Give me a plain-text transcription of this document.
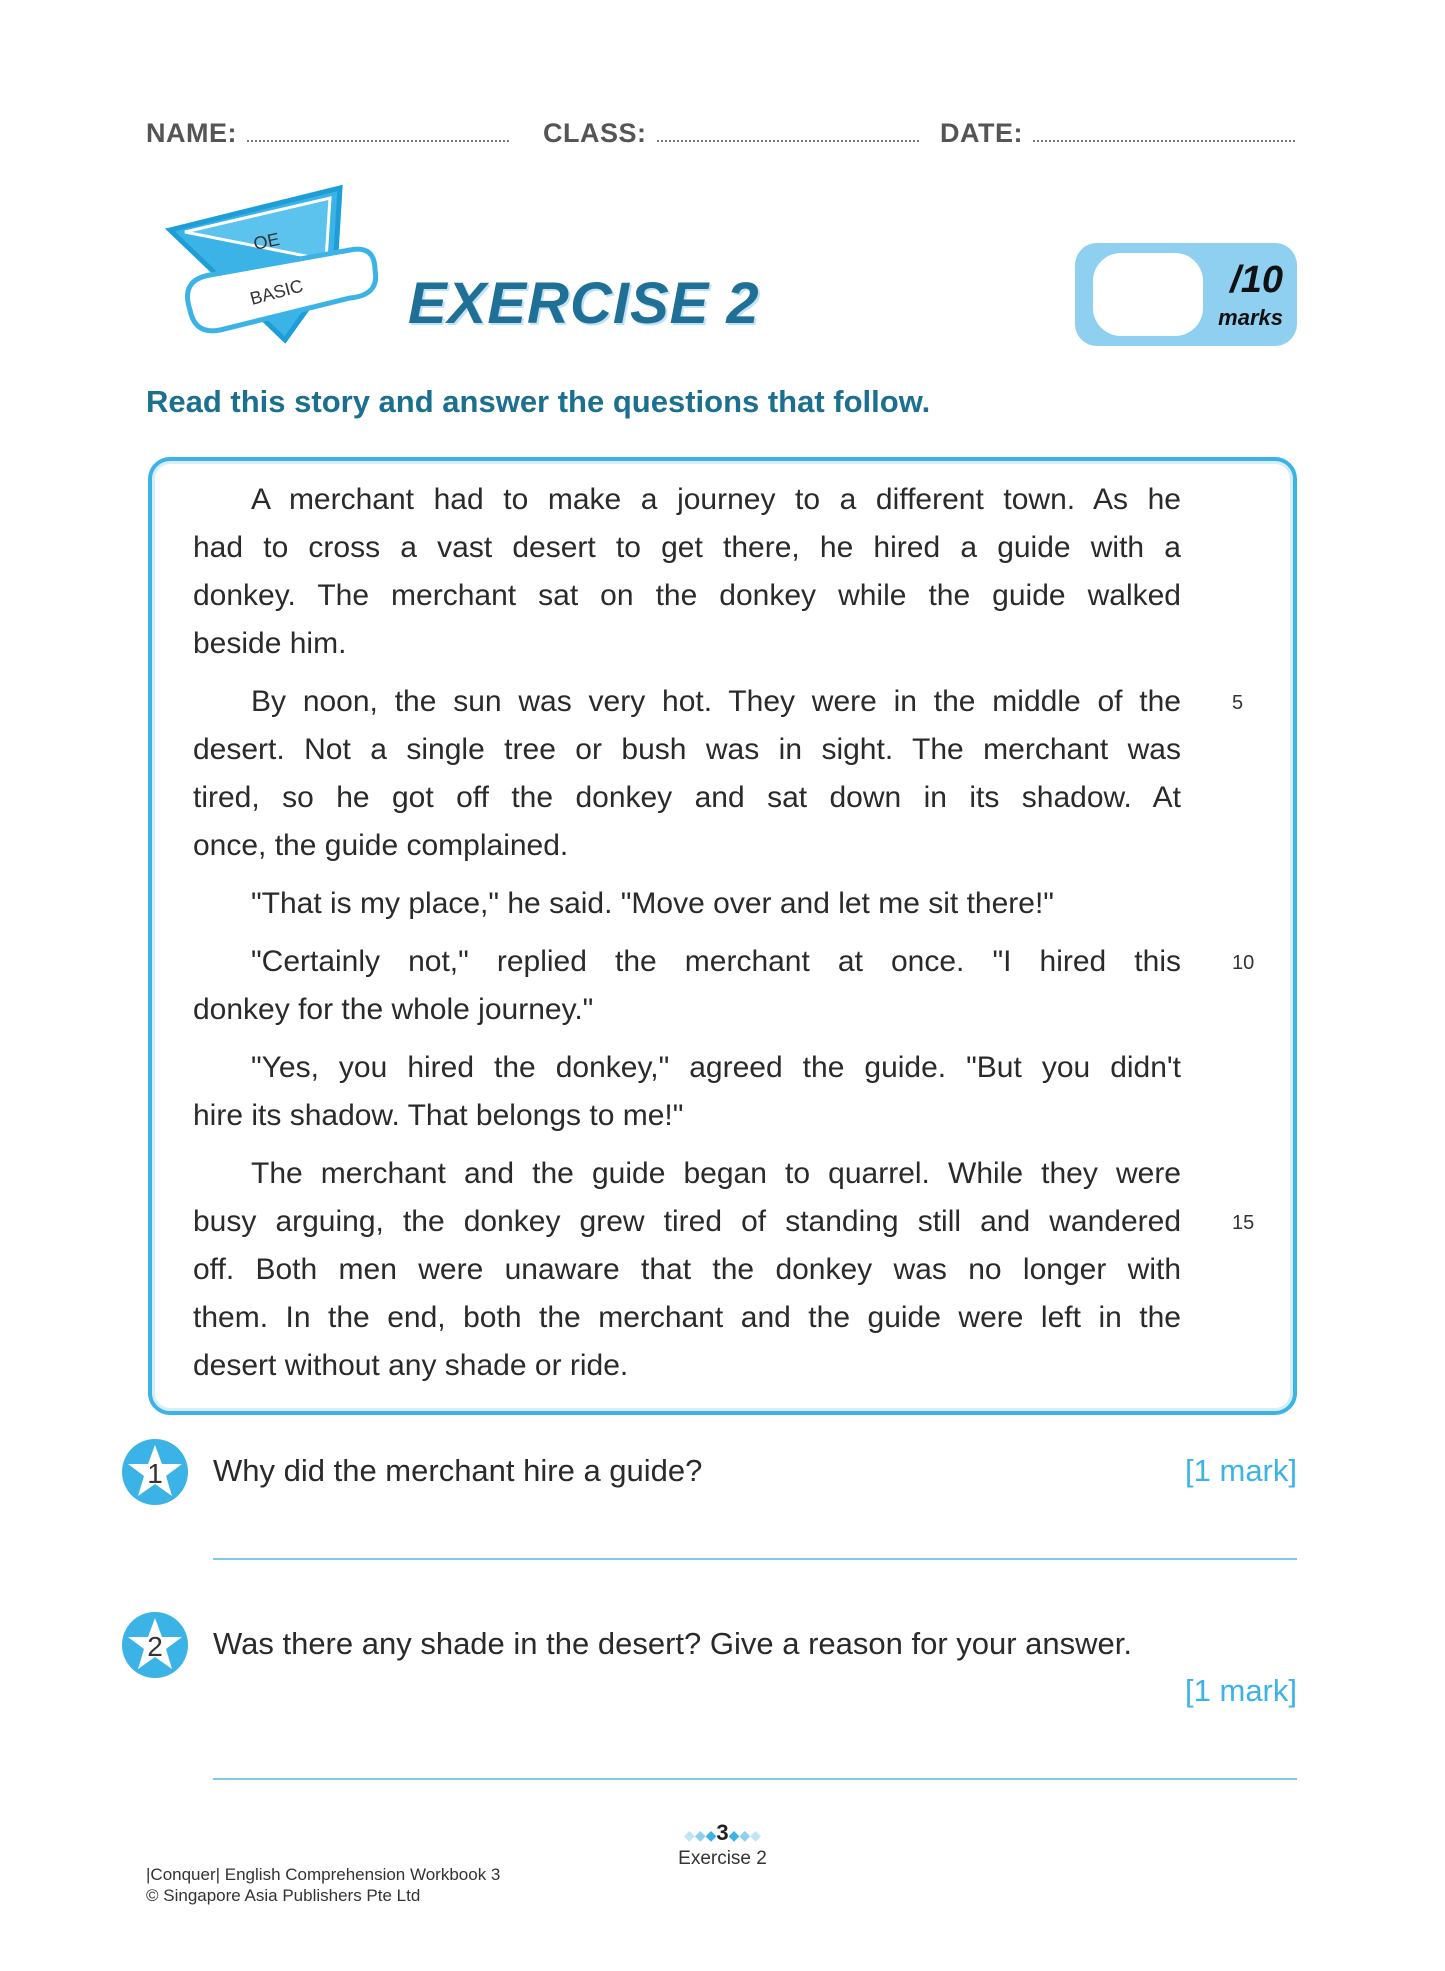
NAME:	CLASS:	DATE:
OE
BASIC EXERCISE 2	/10
marks
Read this story and answer the questions that follow.
A merchant had to make a journey to a different town. As he
had to cross a vast desert to get there, he hired a guide with a
donkey. The merchant sat on the donkey while the guide walked
beside him.
By noon, the sun was very hot. They were in the middle of the	5
desert. Not a single tree or bush was in sight. The merchant was
tired, so he got off the donkey and sat down in its shadow. At
once, the guide complained.
"That is my place," he said. "Move over and let me sit there!"
"Certainly not," replied the merchant at once. "I hired this	10
donkey for the whole journey."
"Yes, you hired the donkey," agreed the guide. "But you didn't
hire its shadow. That belongs to me!"
The merchant and the guide began to quarrel. While they were
busy arguing, the donkey grew tired of standing still and wandered	15
off. Both men were unaware that the donkey was no longer with
them. In the end, both the merchant and the guide were left in the
desert without any shade or ride.
1 Why did the merchant hire a guide?	[1 mark]
2 Was there any shade in the desert? Give a reason for your answer.
[1 mark]
◆◆◆3◆◆◆
Exercise 2
|Conquer| English Comprehension Workbook 3
© Singapore Asia Publishers Pte Ltd
